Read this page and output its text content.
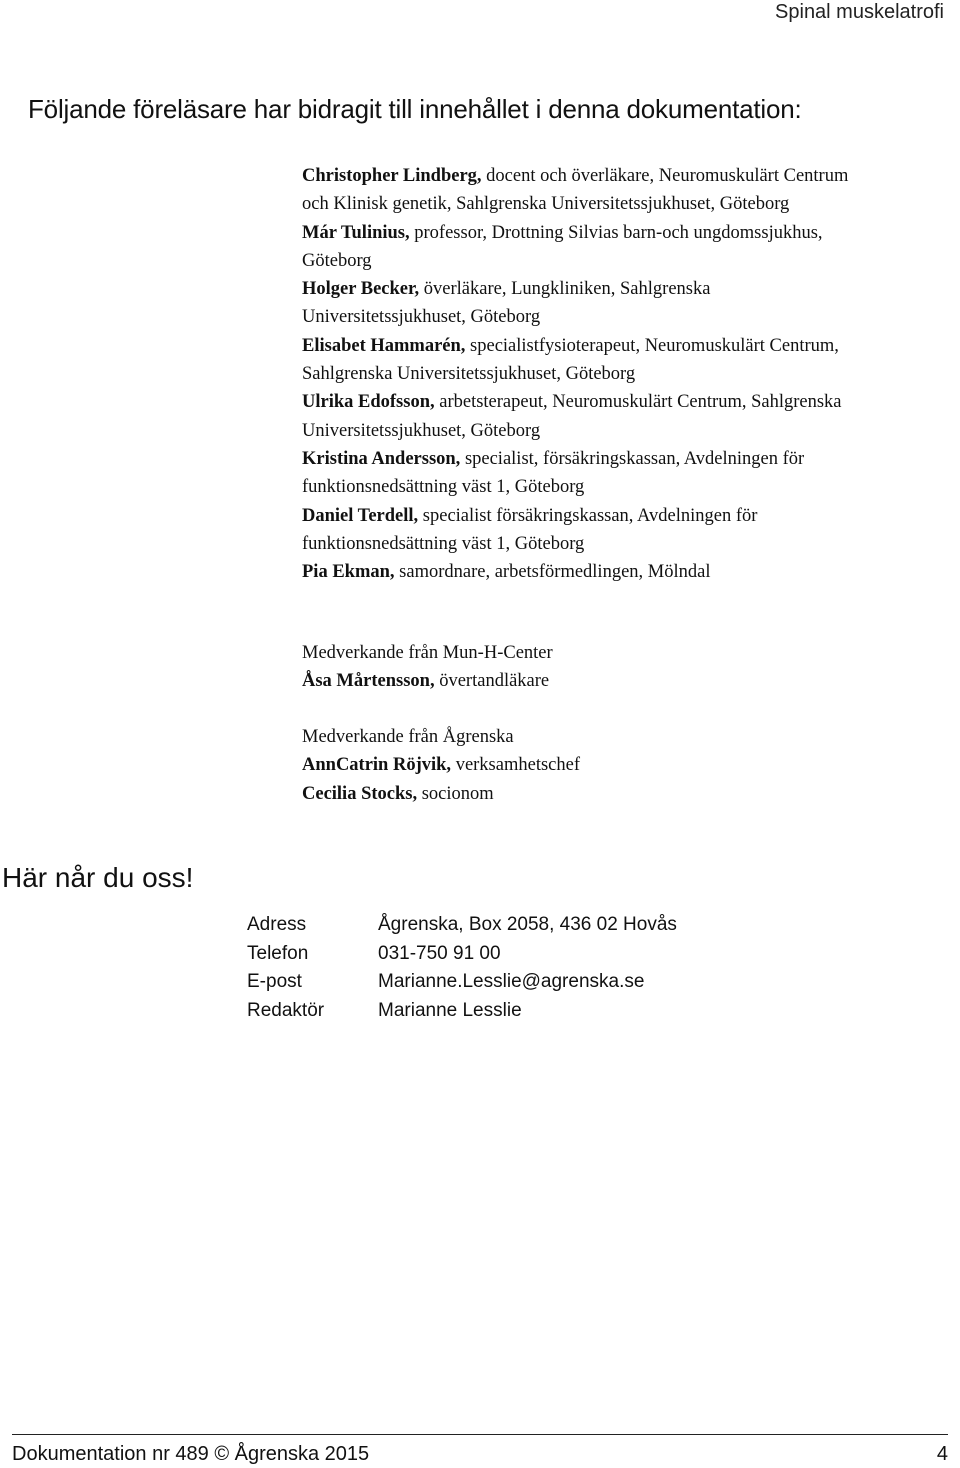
Spinal muskelatrofi
Följande föreläsare har bidragit till innehållet i denna dokumentation:

Christopher Lindberg, docent och överläkare, Neuromuskulärt Centrum
och Klinisk genetik, Sahlgrenska Universitetssjukhuset, Göteborg

Már Tulinius, professor, Drottning Silvias barn-och ungdomssjukhus,
Göteborg

Holger Becker, överläkare, Lungkliniken, Sahlgrenska
Universitetssjukhuset, Göteborg

Elisabet Hammarén, specialistfysioterapeut, Neuromuskulärt Centrum,
Sahlgrenska Universitetssjukhuset, Göteborg

Ulrika Edofsson, arbetsterapeut, Neuromuskulärt Centrum, Sahlgrenska
Universitetssjukhuset, Göteborg

Kristina Andersson, specialist, försäkringskassan, Avdelningen för
funktionsnedsättning väst 1, Göteborg

Daniel Terdell, specialist försäkringskassan, Avdelningen för
funktionsnedsättning väst 1, Göteborg

Pia Ekman, samordnare, arbetsförmedlingen, Mölndal

Medverkande från Mun-H-Center

Åsa Mårtensson, övertandläkare

Medverkande från Ågrenska

AnnCatrin Röjvik, verksamhetschef

Cecilia Stocks, socionom

Här når du oss!
Adress	Ågrenska, Box 2058, 436 02 Hovås
Telefon	031-750 91 00
E-post	Marianne.Lesslie@agrenska.se
Redaktör	Marianne Lesslie
Dokumentation nr 489 © Ågrenska 2015	4
